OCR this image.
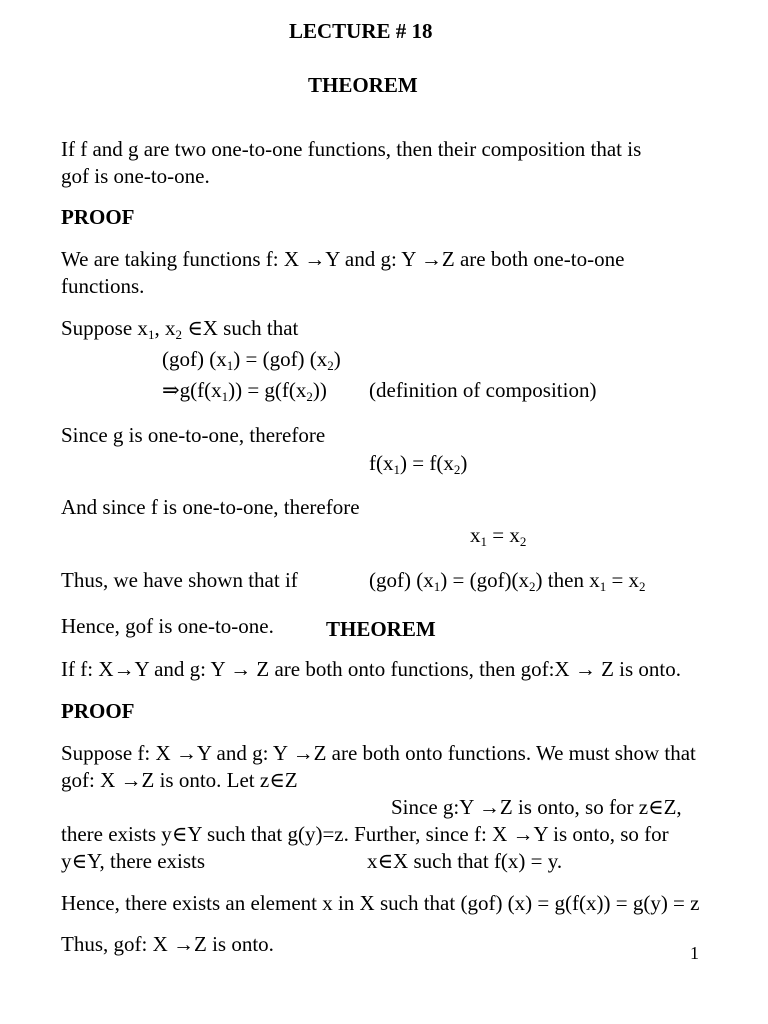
LECTURE # 18
THEOREM
If f and g are two one-to-one functions, then their composition that is
gof is one-to-one.
PROOF
We are taking functions f: X →Y and g: Y →Z are both one-to-one
functions.
Suppose $x_1$, $x_2$ ∈X such that
(gof) $(x_1) = (gof)$ $(x_2)$
$\Rightarrow g(f(x_1)) = g(f(x_2))$ (definition of composition)
Since g is one-to-one, therefore
$f(x_1) = f(x_2)$
And since f is one-to-one, therefore
$x_1 = x_2$
Thus, we have shown that if	(gof) $(x_1) = (gof)(x_2)$ then $x_1 = x_2$
Hence, gof is one-to-one. THEOREM
If f: X→Y and g: Y → Z are both onto functions, then gof:X → Z is onto.
PROOF
Suppose f: X →Y and g: Y →Z are both onto functions. We must show that
gof: X →Z is onto. Let z∈Z
Since g:Y →Z is onto, so for z∈Z,
there exists y∈Y such that g(y)=z. Further, since f: X →Y is onto, so for
y∈Y, there exists	x∈X such that f(x) = y.
Hence, there exists an element x in X such that (gof) (x) = g(f(x)) = g(y) = z
Thus, gof: X →Z is onto.	1
